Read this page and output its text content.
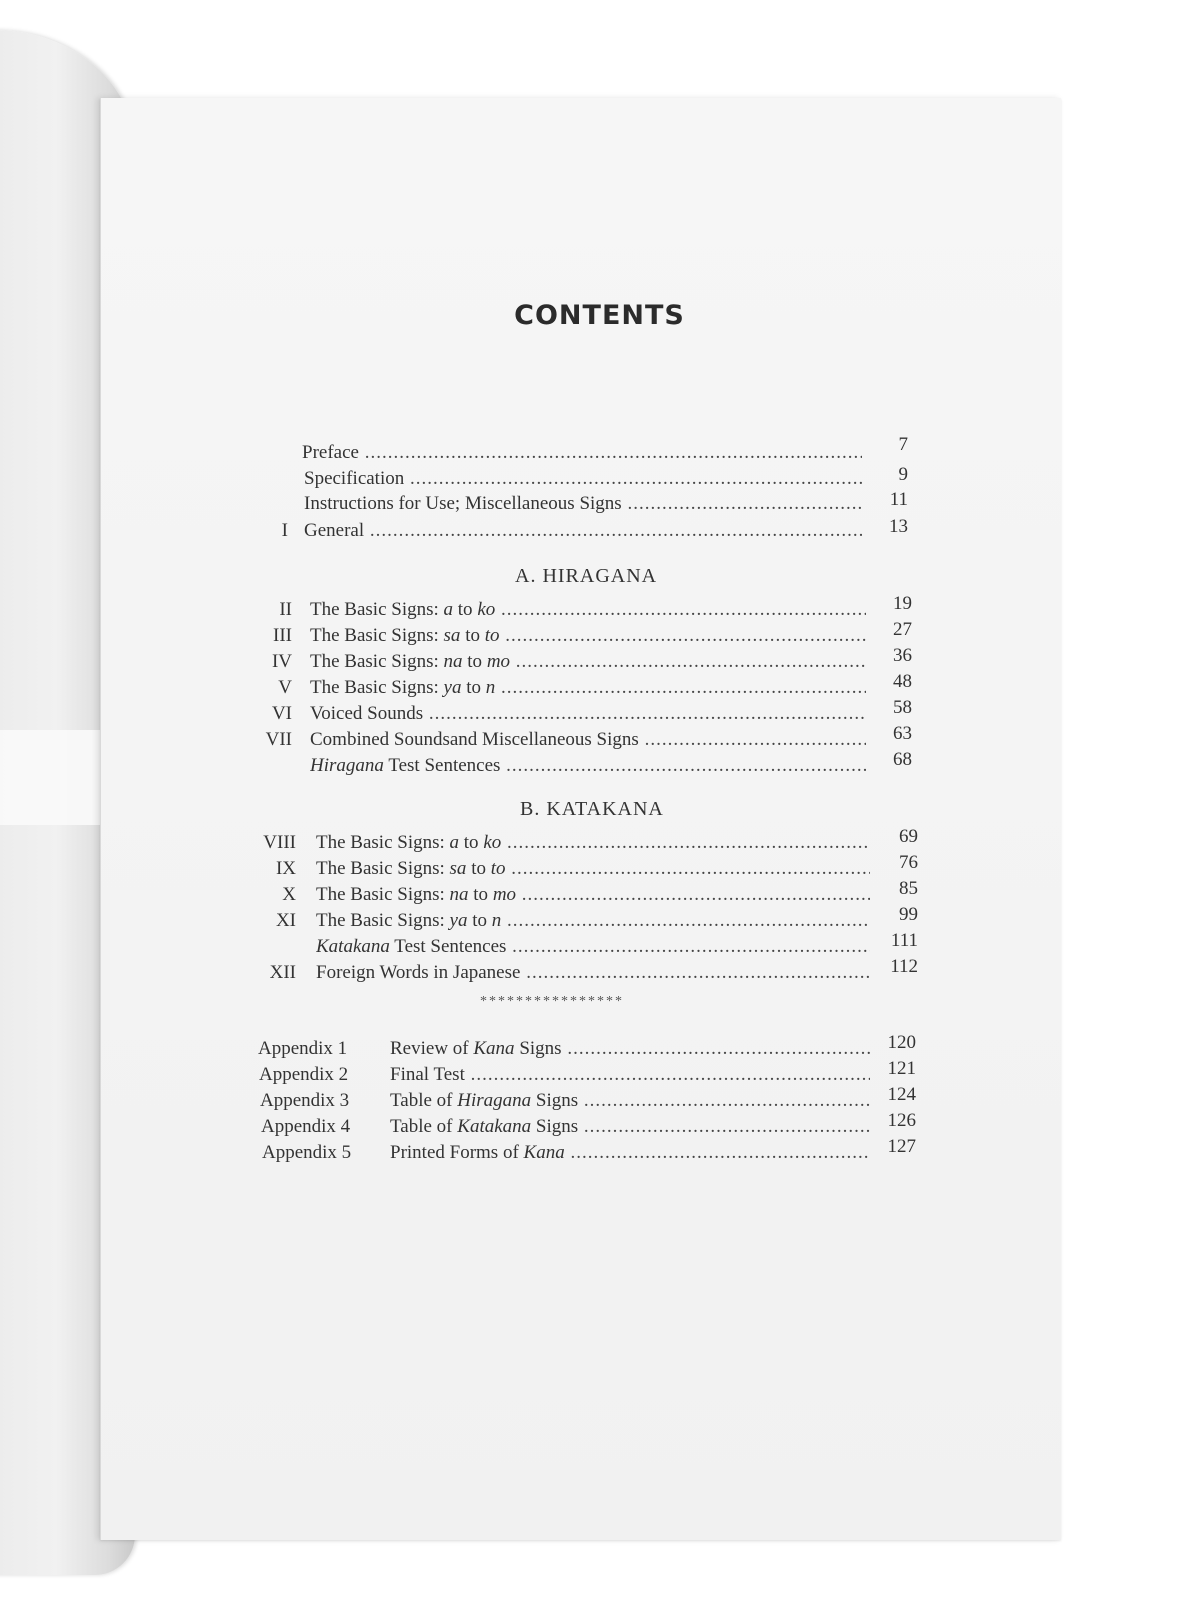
CONTENTS
Preface .....	7
Specification .....	9
Instructions for Use; Miscellaneous Signs .....	11
I General .....	13
A. HIRAGANA
II The Basic Signs: a to ko .....	19
III The Basic Signs: sa to to .....	27
IV The Basic Signs: na to mo .....	36
V The Basic Signs: ya to n .....	48
VI Voiced Sounds .....	58
VII Combined Soundsand Miscellaneous Signs .....	63
Hiragana Test Sentences .....	68
B. KATAKANA
VIII The Basic Signs: a to ko .....	69
IX The Basic Signs: sa to to .....	76
X The Basic Signs: na to mo .....	85
XI The Basic Signs: ya to n .....	99
Katakana Test Sentences .....	111
XII Foreign Words in Japanese .....	112
****************
Appendix 1 Review of Kana Signs .....	120
Appendix 2 Final Test .....	121
Appendix 3 Table of Hiragana Signs .....	124
Appendix 4 Table of Katakana Signs .....	126
Appendix 5 Printed Forms of Kana .....	127
